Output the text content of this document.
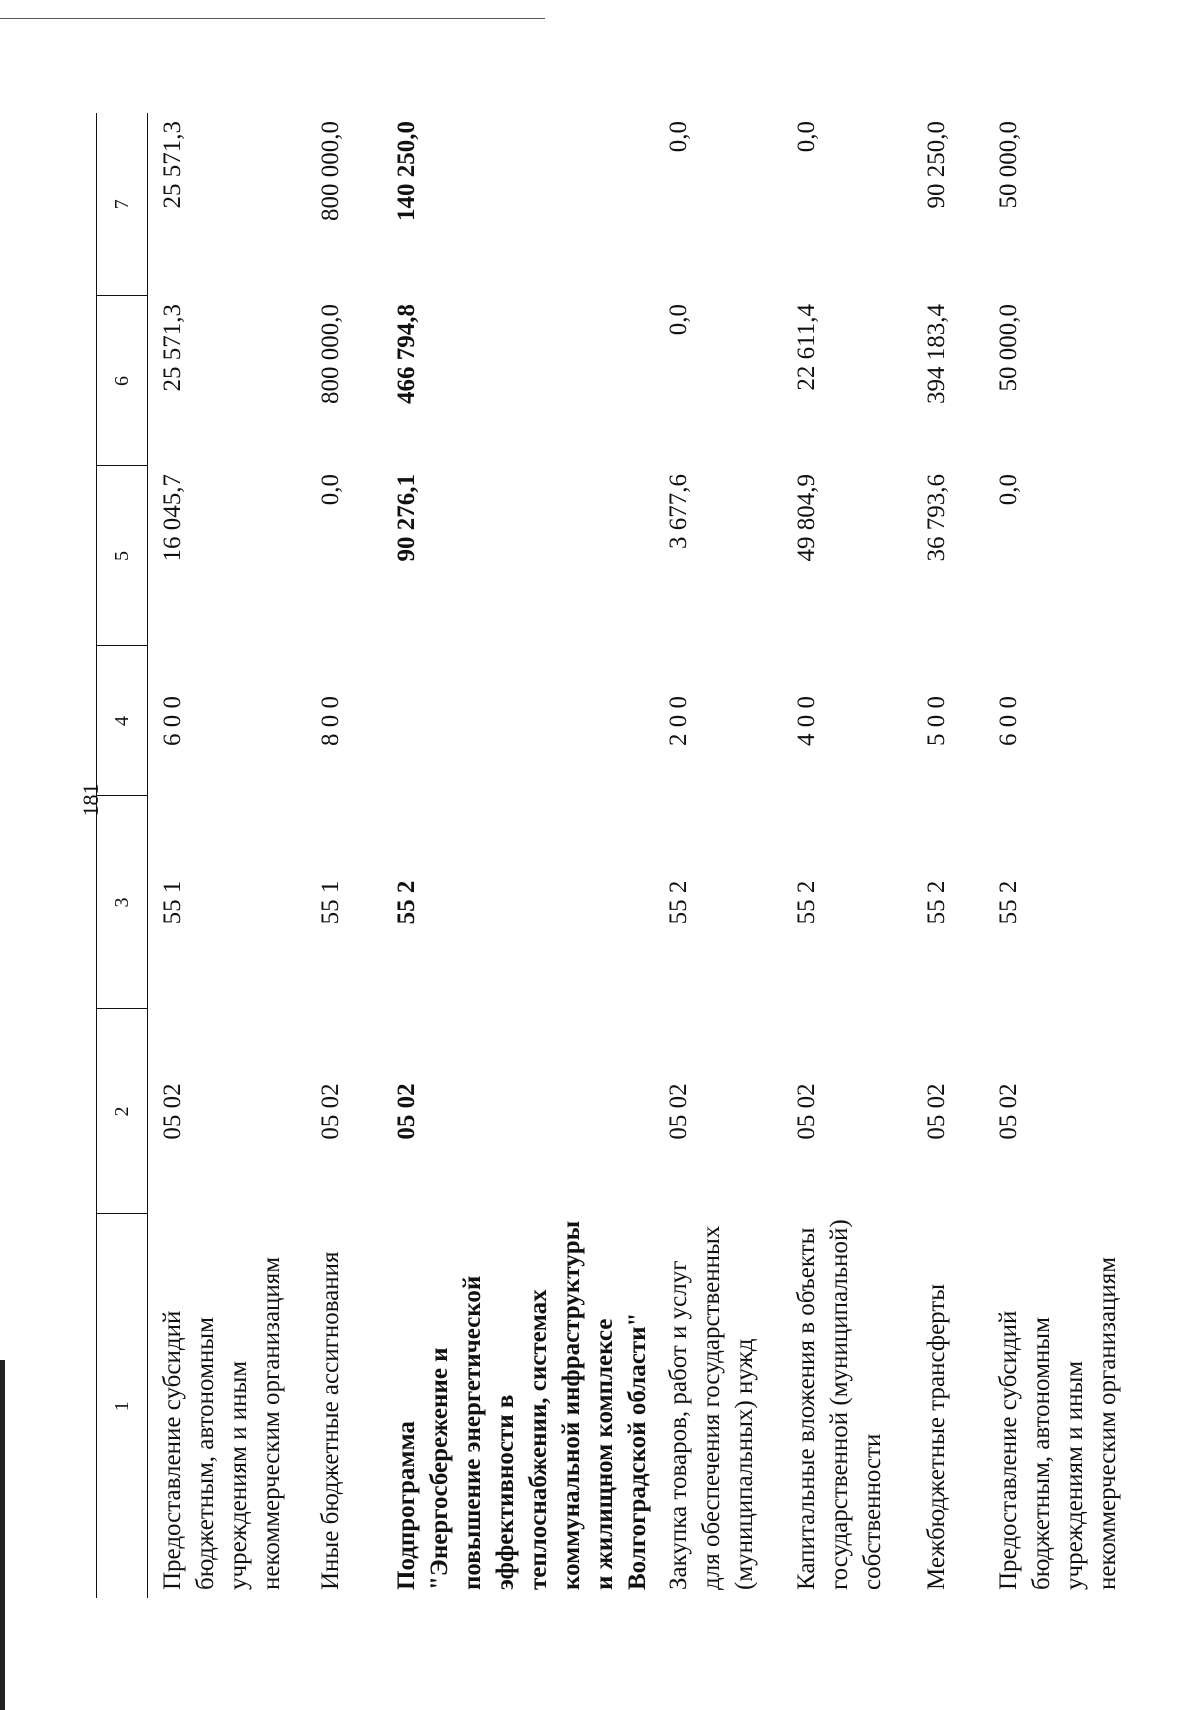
181
1	2	3	4	5	6	7
Предоставление субсидий бюджетным, автономным учреждениям и иным некоммерческим организациям	05 02	55 1	6 0 0	16 045,7	25 571,3	25 571,3
Иные бюджетные ассигнования	05 02	55 1	8 0 0	0,0	800 000,0	800 000,0
Подпрограмма "Энергосбережение и повышение энергетической эффективности в теплоснабжении, системах коммунальной инфраструктуры и жилищном комплексе Волгоградской области"	05 02	55 2		90 276,1	466 794,8	140 250,0
Закупка товаров, работ и услуг для обеспечения государственных (муниципальных) нужд	05 02	55 2	2 0 0	3 677,6	0,0	0,0
Капитальные вложения в объекты государственной (муниципальной) собственности	05 02	55 2	4 0 0	49 804,9	22 611,4	0,0
Межбюджетные трансферты	05 02	55 2	5 0 0	36 793,6	394 183,4	90 250,0
Предоставление субсидий бюджетным, автономным учреждениям и иным некоммерческим организациям	05 02	55 2	6 0 0	0,0	50 000,0	50 000,0
